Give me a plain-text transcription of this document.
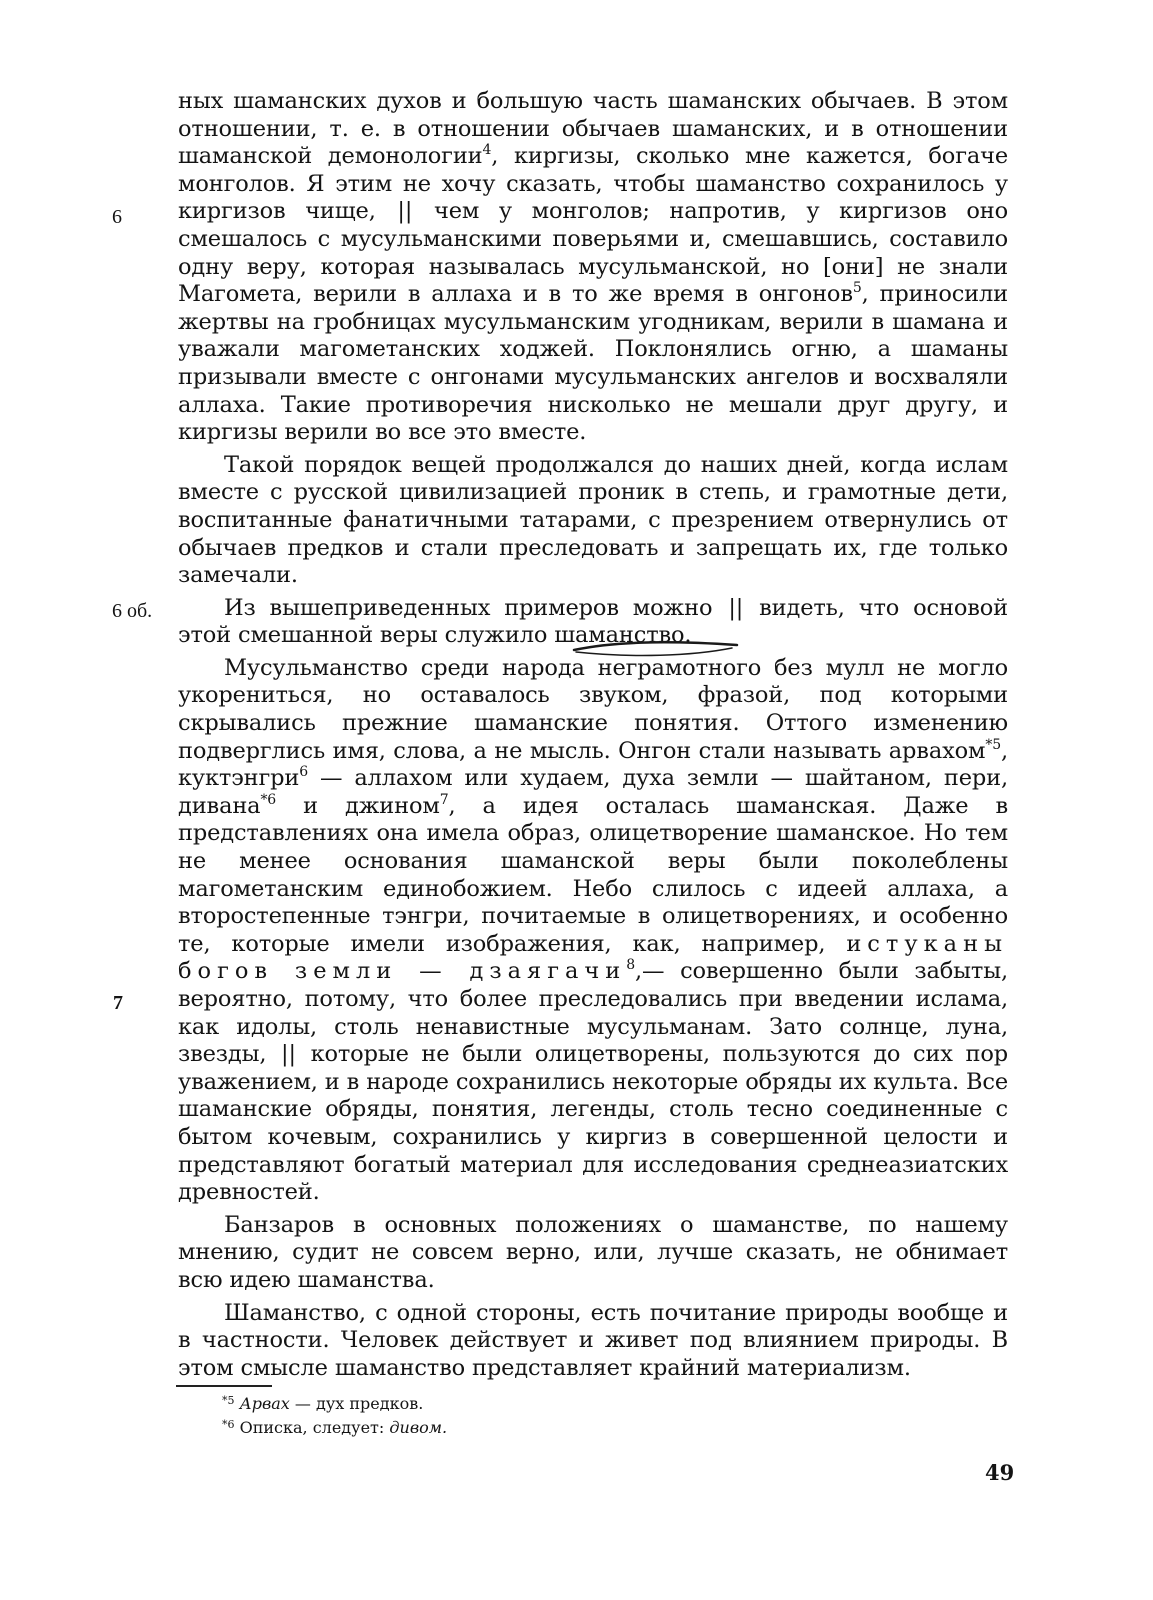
6
6 об.
7

ных шаманских духов и большую часть шаманских обычаев. В этом отношении, т. е. в отношении обычаев шаманских, и в отношении шаманской демонологии$^4$, киргизы, сколько мне кажется, богаче монголов. Я этим не хочу сказать, чтобы шаманство сохранилось у киргизов чище, || чем у монголов; напротив, у киргизов оно смешалось с мусульманскими поверьями и, смешавшись, составило одну веру, которая называлась мусульманской, но [они] не знали Магомета, верили в аллаха и в то же время в онгонов$^5$, приносили жертвы на гробницах мусульманским угодникам, верили в шамана и уважали магометанских ходжей. Поклонялись огню, а шаманы призывали вместе с онгонами мусульманских ангелов и восхваляли аллаха. Такие противоречия нисколько не мешали друг другу, и киргизы верили во все это вместе.

Такой порядок вещей продолжался до наших дней, когда ислам вместе с русской цивилизацией проник в степь, и грамотные дети, воспитанные фанатичными татарами, с презрением отвернулись от обычаев предков и стали преследовать и запрещать их, где только замечали.

Из вышеприведенных примеров можно || видеть, что основой этой смешанной веры служило шаманство.

Мусульманство среди народа неграмотного без мулл не могло укорениться, но оставалось звуком, фразой, под которыми скрывались прежние шаманские понятия. Оттого изменению подверглись имя, слова, а не мысль. Онгон стали называть арвахом$^{*5}$, куктэнгри$^6$ — аллахом или худаем, духа земли — шайтаном, пери, дивана$^{*6}$ и джином$^7$, а идея осталась шаманская. Даже в представлениях она имела образ, олицетворение шаманское. Но тем не менее основания шаманской веры были поколеблены магометанским единобожием. Небо слилось с идеей аллаха, а второстепенные тэнгри, почитаемые в олицетворениях, и особенно те, которые имели изображения, как, например, истуканы богов земли — дзаягачи$^8$,— совершенно были забыты, вероятно, потому, что более преследовались при введении ислама, как идолы, столь ненавистные мусульманам. Зато солнце, луна, звезды, || которые не были олицетворены, пользуются до сих пор уважением, и в народе сохранились некоторые обряды их культа. Все шаманские обряды, понятия, легенды, столь тесно соединенные с бытом кочевым, сохранились у киргиз в совершенной целости и представляют богатый материал для исследования среднеазиатских древностей.

Банзаров в основных положениях о шаманстве, по нашему мнению, судит не совсем верно, или, лучше сказать, не обнимает всю идею шаманства.

Шаманство, с одной стороны, есть почитание природы вообще и в частности. Человек действует и живет под влиянием природы. В этом смысле шаманство представляет крайний материализм.

$^{*5}$ Арвах — дух предков.

$^{*6}$ Описка, следует: дивом.

49
